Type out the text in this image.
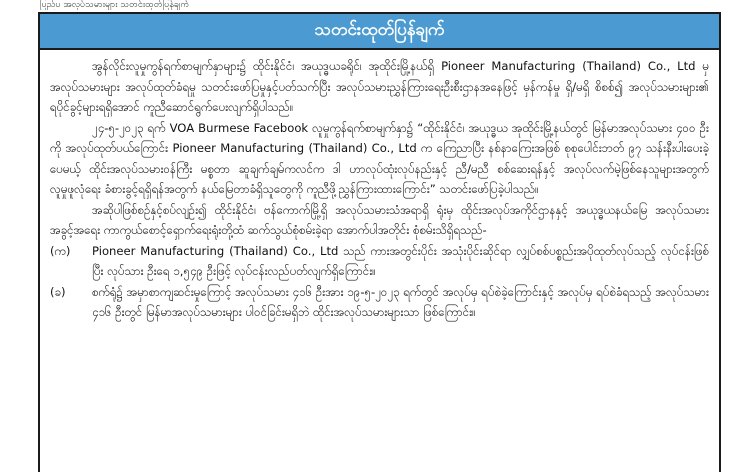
ပြည်ပ အလုပ်သမားများ သတင်းထုတ်ပြန်ချက်
သတင်းထုတ်ပြန်ချက်

အွန်လိုင်းလူမှုကွန်ရက်စာမျက်နှာများ၌ ထိုင်းနိုင်ငံ၊ အယုဒ္ဓယခရိုင်၊ အုထိုင်းမြို့နယ်ရှိ Pioneer Manufacturing (Thailand) Co., Ltd မှ အလုပ်သမားများ အလုပ်ထုတ်ခံရမှု သတင်းဖော်ပြမှုနှင့်ပတ်သက်ပြီး အလုပ်သမားညွှန်ကြားရေးဦးစီးဌာနအနေဖြင့် မှန်ကန်မှု ရှိ/မရှိ စိစစ်၍ အလုပ်သမားများ၏ ရပိုင်ခွင့်များရရှိအောင် ကူညီဆောင်ရွက်ပေးလျက်ရှိပါသည်။

၂၄-၅-၂၀၂၃ ရက် VOA Burmese Facebook လူမှုကွန်ရက်စာမျက်နှာ၌ “ထိုင်းနိုင်ငံ၊ အယုဒ္ဓယ အုထိုင်းမြို့နယ်တွင် မြန်မာအလုပ်သမား ၄၀၀ ဦးကို အလုပ်ထုတ်ပယ်ကြောင်း Pioneer Manufacturing (Thailand) Co., Ltd က ကြေညာပြီး နစ်နာကြေးအဖြစ် စုစုပေါင်းဘတ် ၉၇ သန်းနီးပါးပေးခဲ့ပေမယ့် ထိုင်းအလုပ်သမားဝန်ကြီး မစ္စတာ ဆူချက်ချမ်ကလင်က ဒါ ဟာလုပ်ထုံးလုပ်နည်းနှင့် ညီ/မညီ စစ်ဆေးရန်နှင့် အလုပ်လက်မဲ့ဖြစ်နေသူများအတွက် လူမှုဖူလုံရေး ခံစားခွင့်ရရှိရန်အတွက် နယ်မြေတာခံရှိသူတွေကို ကူညီဖို့ညွှန်ကြားထားကြောင်း” သတင်းဖော်ပြခဲ့ပါသည်။

အဆိုပါဖြစ်စဉ်နှင့်စပ်လျဉ်း၍ ထိုင်းနိုင်ငံ၊ ဗန်ကောက်မြို့ရှိ အလုပ်သမားသံအရာရှိ ရုံးမှ ထိုင်းအလုပ်အကိုင်ဌာနနှင့် အယုဒ္ဓယနယ်မြေ အလုပ်သမားအခွင့်အရေး ကာကွယ်စောင့်ရှောက်ရေးရုံးတို့ထံ ဆက်သွယ်စုံစမ်းခဲ့ရာ အောက်ပါအတိုင်း စုံစမ်းသိရှိရသည်-

(က)	Pioneer Manufacturing (Thailand) Co., Ltd သည် ကားအတွင်းပိုင်း အသုံးပိုင်းဆိုင်ရာ လျှပ်စစ်ပစ္စည်းအပိုထုတ်လုပ်သည့် လုပ်ငန်းဖြစ်ပြီး လုပ်သား ဦးရေ ၁,၅၄၉ ဦးဖြင့် လုပ်ငန်းလည်ပတ်လျက်ရှိကြောင်း။
(ခ)	စက်ရုံ၌ အမှာစာကျဆင်းမှုကြောင့် အလုပ်သမား ၄၁၆ ဦးအား ၁၉-၅-၂၀၂၃ ရက်တွင် အလုပ်မှ ရပ်စဲခဲ့ကြောင်းနှင့် အလုပ်မှ ရပ်စဲခံရသည့် အလုပ်သမား ၄၁၆ ဦးတွင် မြန်မာအလုပ်သမားများ ပါဝင်ခြင်းမရှိဘဲ ထိုင်းအလုပ်သမားများသာ ဖြစ်ကြောင်း။
